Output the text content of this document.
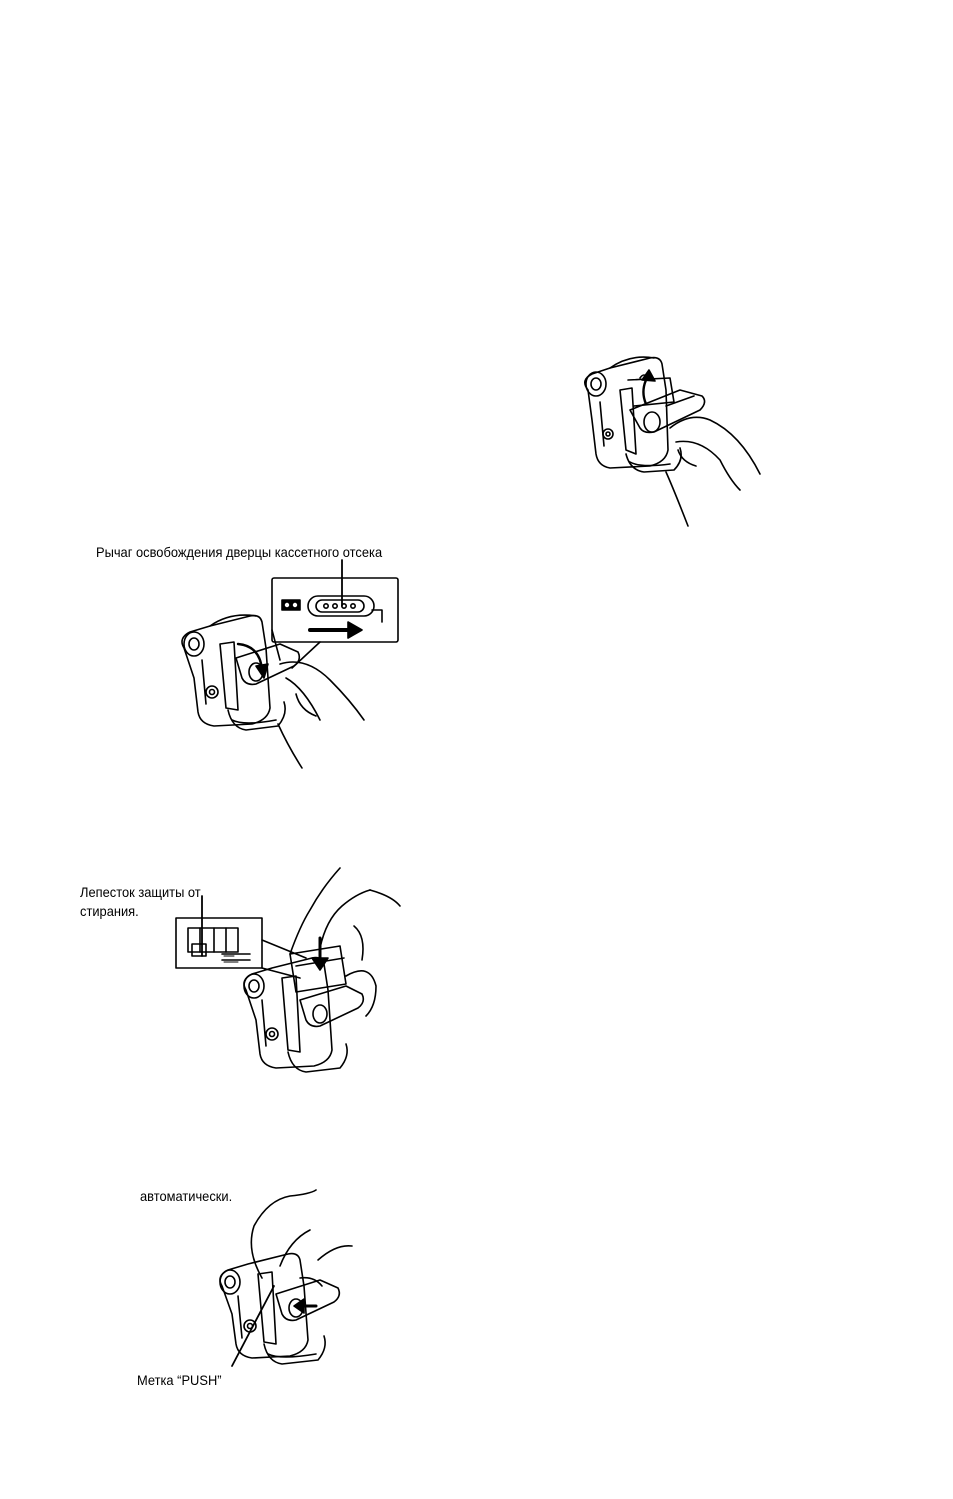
Рычаг освобождения дверцы кассетного отсека
Лепесток защиты от
стирания.
автоматически.
Метка “PUSH”
